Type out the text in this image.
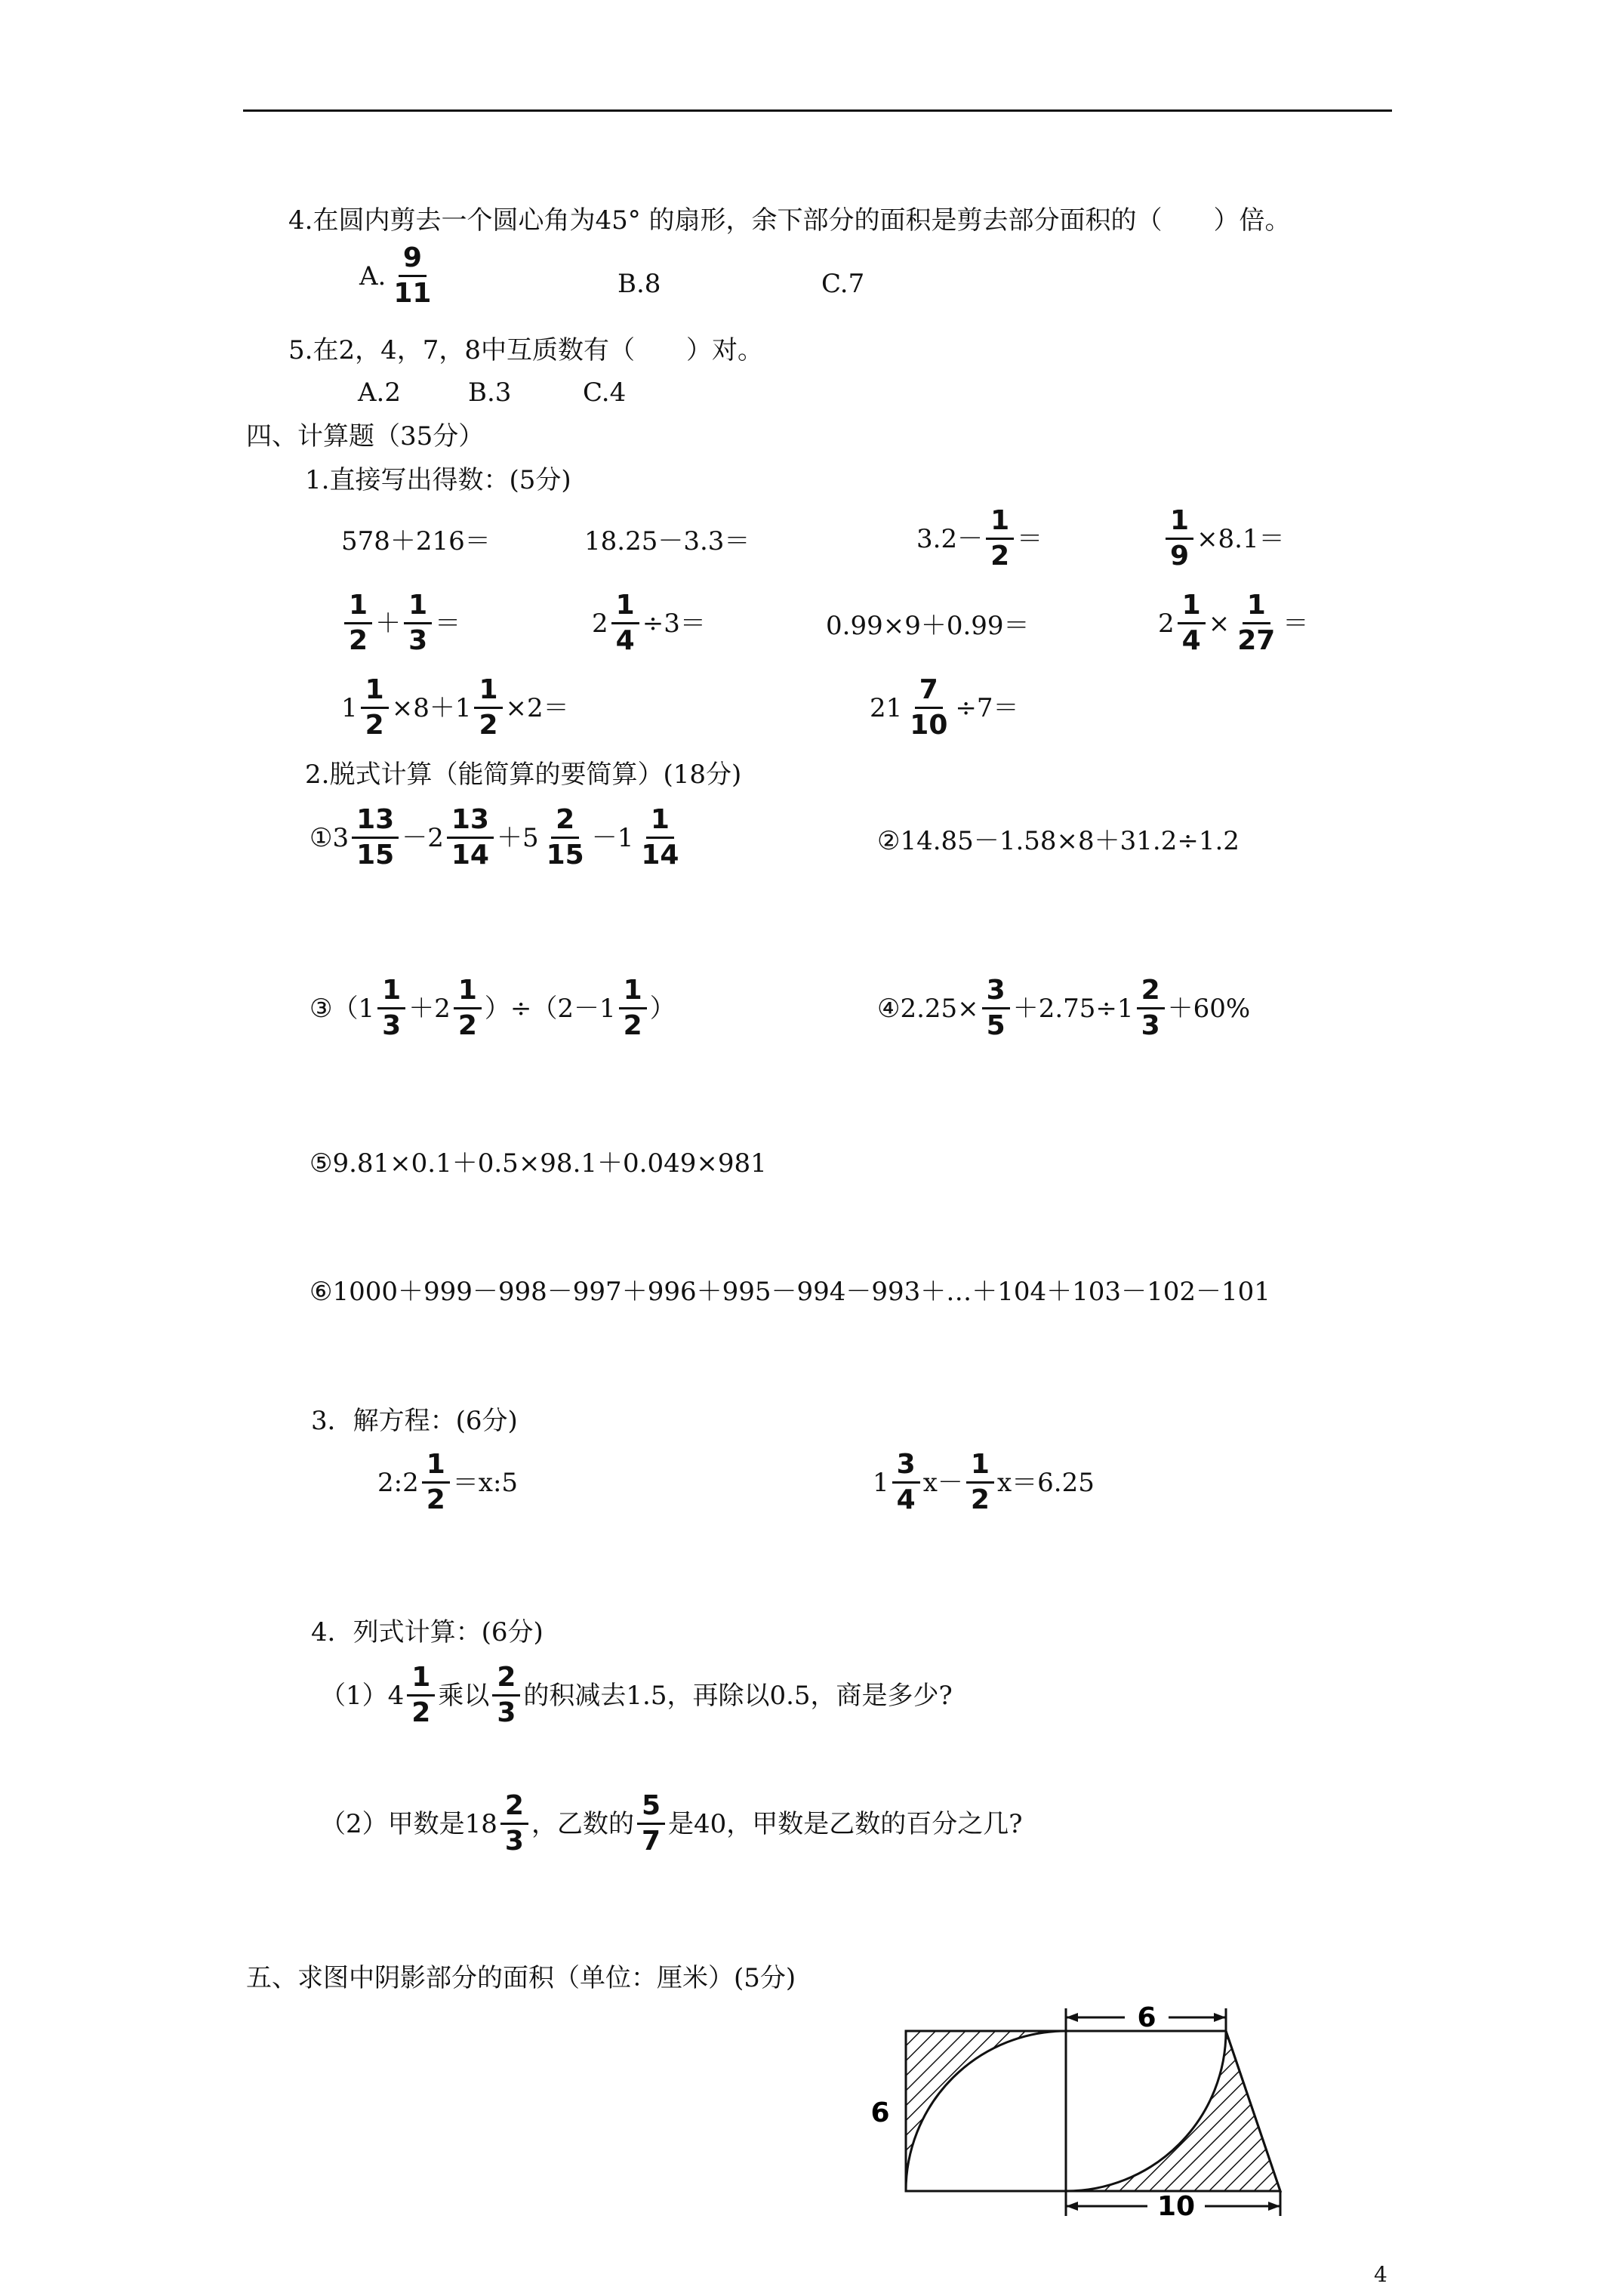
4.在圆内剪去一个圆心角为45° 的扇形，余下部分的面积是剪去部分面积的（　　）倍。
A. $\frac{9}{11}$	B.8	C.7
5.在2，4，7，8中互质数有（　　）对。
A.2	B.3	C.4
四、计算题（35分）
1.直接写出得数：(5分)
578＋216＝	18.25－3.3＝	$3.2- \frac{1}{2}$ ＝	$\frac{1}{9} \times 8.1=$
$\frac{1}{2} + \frac{1}{3}$ ＝	$2 \frac{1}{4} \div 3=$	0.99×9＋0.99＝	$2 \frac{1}{4} \times \frac{1}{27}$ ＝
$1 \frac{1}{2} \times 8+1 \frac{1}{2} \times 2=$	$21 \frac{7}{10} \div 7=$
2.脱式计算（能简算的要简算）(18分)
①3 $\frac{13}{15} -2 \frac{13}{14} +5 \frac{2}{15} -1 \frac{1}{14}$	②14.85－1.58×8＋31.2÷1.2
③（1 $\frac{1}{3} +2 \frac{1}{2} )\div(2-1 \frac{1}{2}$ ）	④2.25× $\frac{3}{5} +2.75\div 1 \frac{2}{3} +60\%$
⑤9.81×0.1＋0.5×98.1＋0.049×981
⑥1000＋999－998－997＋996＋995－994－993＋…＋104＋103－102－101
3．解方程：(6分)
2:2 $\frac{1}{2}$ ＝x:5	$1 \frac{3}{4} x- \frac{1}{2} x=6.25$
4．列式计算：(6分)
$(1)4 \frac{1}{2}$ 乘以 $\frac{2}{3}$ 的积减去1.5，再除以0.5，商是多少?
（2）甲数是$18 \frac{2}{3}$ ，乙数的 $\frac{5}{7}$ 是40，甲数是乙数的百分之几?
五、求图中阴影部分的面积（单位：厘米）(5分)
6
6
10
4
